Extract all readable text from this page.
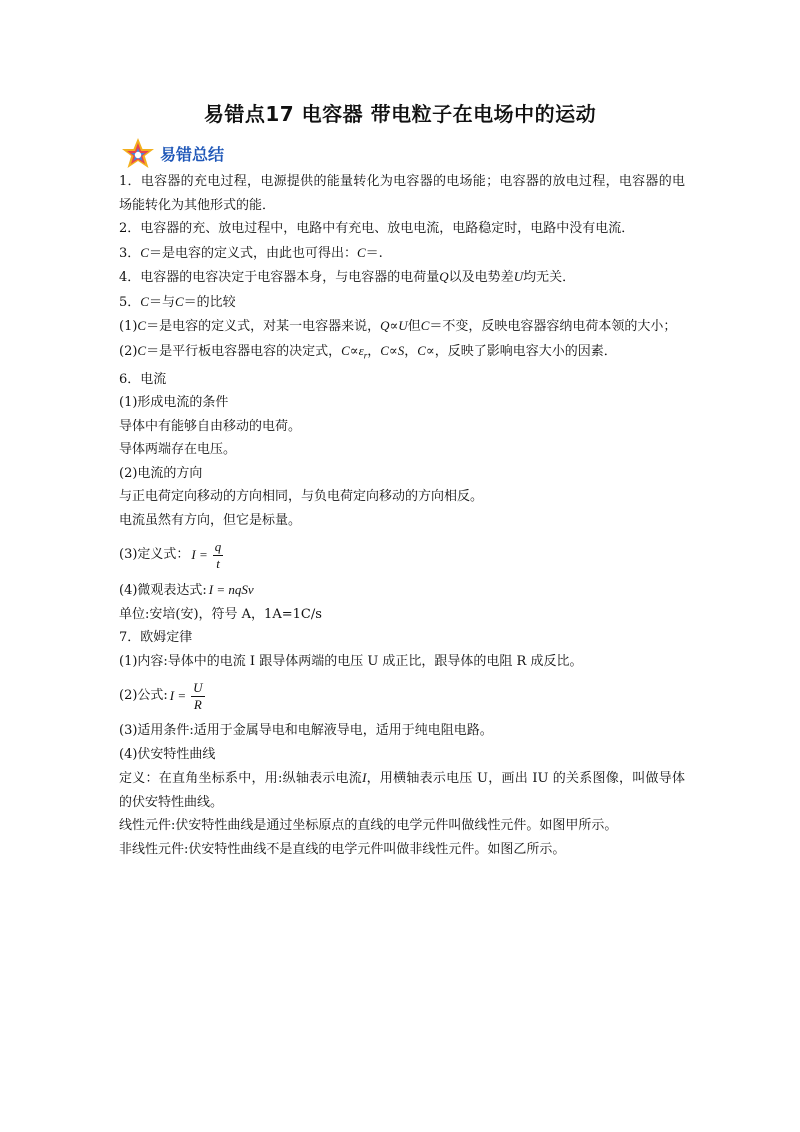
易错点17 电容器 带电粒子在电场中的运动
易错总结

1．电容器的充电过程，电源提供的能量转化为电容器的电场能；电容器的放电过程，电容器的电场能转化为其他形式的能．

2．电容器的充、放电过程中，电路中有充电、放电电流，电路稳定时，电路中没有电流．

3．C＝是电容的定义式，由此也可得出：C＝.

4．电容器的电容决定于电容器本身，与电容器的电荷量Q以及电势差U均无关．

5．C＝与C＝的比较

(1)C＝是电容的定义式，对某一电容器来说，Q∝U但C＝不变，反映电容器容纳电荷本领的大小；

(2)C＝是平行板电容器电容的决定式，$C\propto\varepsilon_r$，C∝S，C∝，反映了影响电容大小的因素．

6．电流

(1)形成电流的条件

导体中有能够自由移动的电荷。

导体两端存在电压。

(2)电流的方向

与正电荷定向移动的方向相同，与负电荷定向移动的方向相反。

电流虽然有方向，但它是标量。

(3)定义式： $I = \frac{q}{t}$

(4)微观表达式: I = nqSv

单位:安培(安)，符号 A，1A=1C/s

7．欧姆定律

(1)内容:导体中的电流 I 跟导体两端的电压 U 成正比，跟导体的电阻 R 成反比。

(2)公式: $I = \frac{U}{R}$

(3)适用条件:适用于金属导电和电解液导电，适用于纯电阻电路。

(4)伏安特性曲线

定义：在直角坐标系中，用:纵轴表示电流I，用横轴表示电压 U，画出 IU 的关系图像，叫做导体的伏安特性曲线。

线性元件:伏安特性曲线是通过坐标原点的直线的电学元件叫做线性元件。如图甲所示。

非线性元件:伏安特性曲线不是直线的电学元件叫做非线性元件。如图乙所示。
